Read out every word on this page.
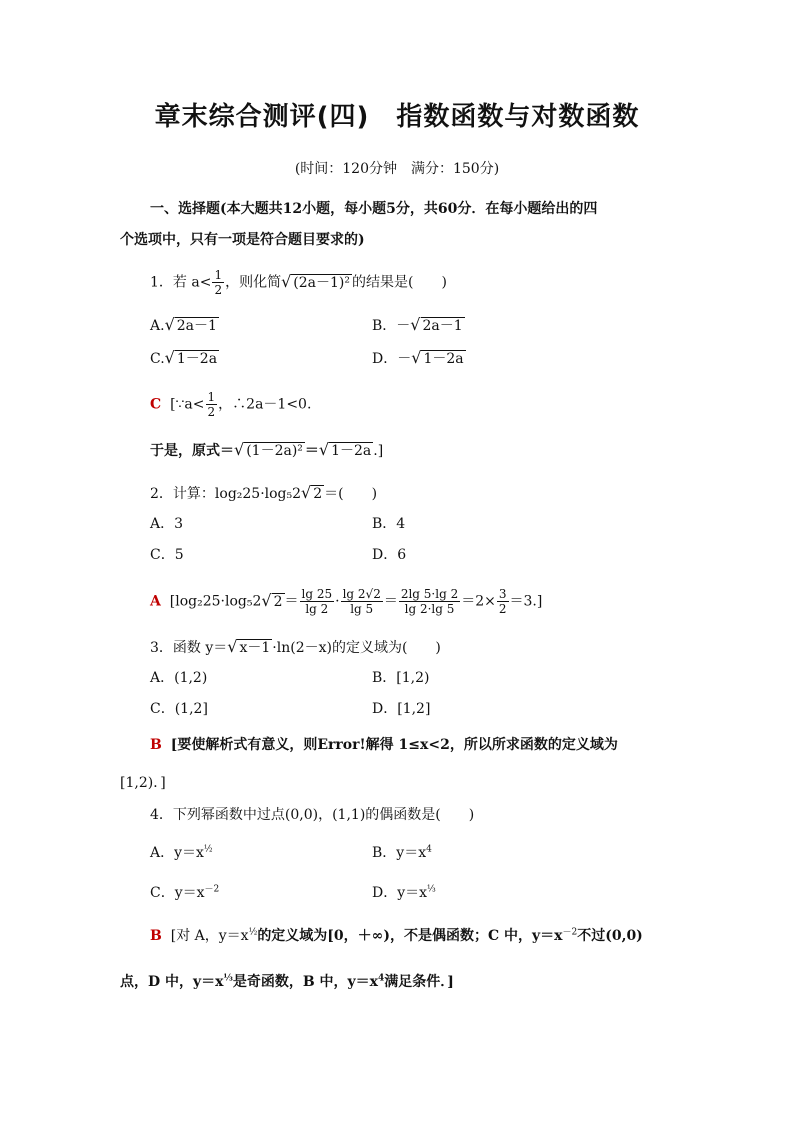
章末综合测评(四)　指数函数与对数函数
(时间：120分钟　满分：150分)
一、选择题(本大题共12小题，每小题5分，共60分．在每小题给出的四
个选项中，只有一项是符合题目要求的)
1．若 $a< \frac{1}{2}$ ，则化简√ (2a－1)² 的结果是(　　)
A.√ 2a－1	B．－√ 2a－1
C.√ 1－2a	D．－√ 1－2a
C [∵a< $\frac{1}{2}$ ，∴2a－1<0.
于是，原式＝√ (1－2a)² ＝√ 1－2a .]
2．计算：log₂25·log₅2√ 2 ＝(　　)
A．3	B．4
C．5	D．6
A [log₂25·log₅2√ $2 = \frac{\lg 25}{\lg 2} \cdot \frac{\lg 2√2}{\lg 5} = \frac{2\lg 5\cdot\lg 2}{\lg 2\cdot\lg 5} =2\times \frac{3}{2} =3$.]
3．函数 y＝√ x－1 ·ln(2－x)的定义域为(　　)
A．(1,2)	B．[1,2)
C．(1,2]	D．[1,2]
B [要使解析式有意义，则Error!解得 1≤x<2，所以所求函数的定义域为
[1,2)．]
4．下列幂函数中过点(0,0)，(1,1)的偶函数是(　　)
A．$y=x^{\frac{1}{2}}$	B．$y=x^4$
C．$y=x^{-2}$	D．$y=x^{\frac{1}{3}}$
B [对 A，$y=x^{\frac{1}{2}}$的定义域为[0，＋∞)，不是偶函数；C 中，$y=x^{-2}$不过(0,0)
点，D 中，$y=x^{\frac{1}{3}}$是奇函数，B 中，$y=x^4$满足条件．]
